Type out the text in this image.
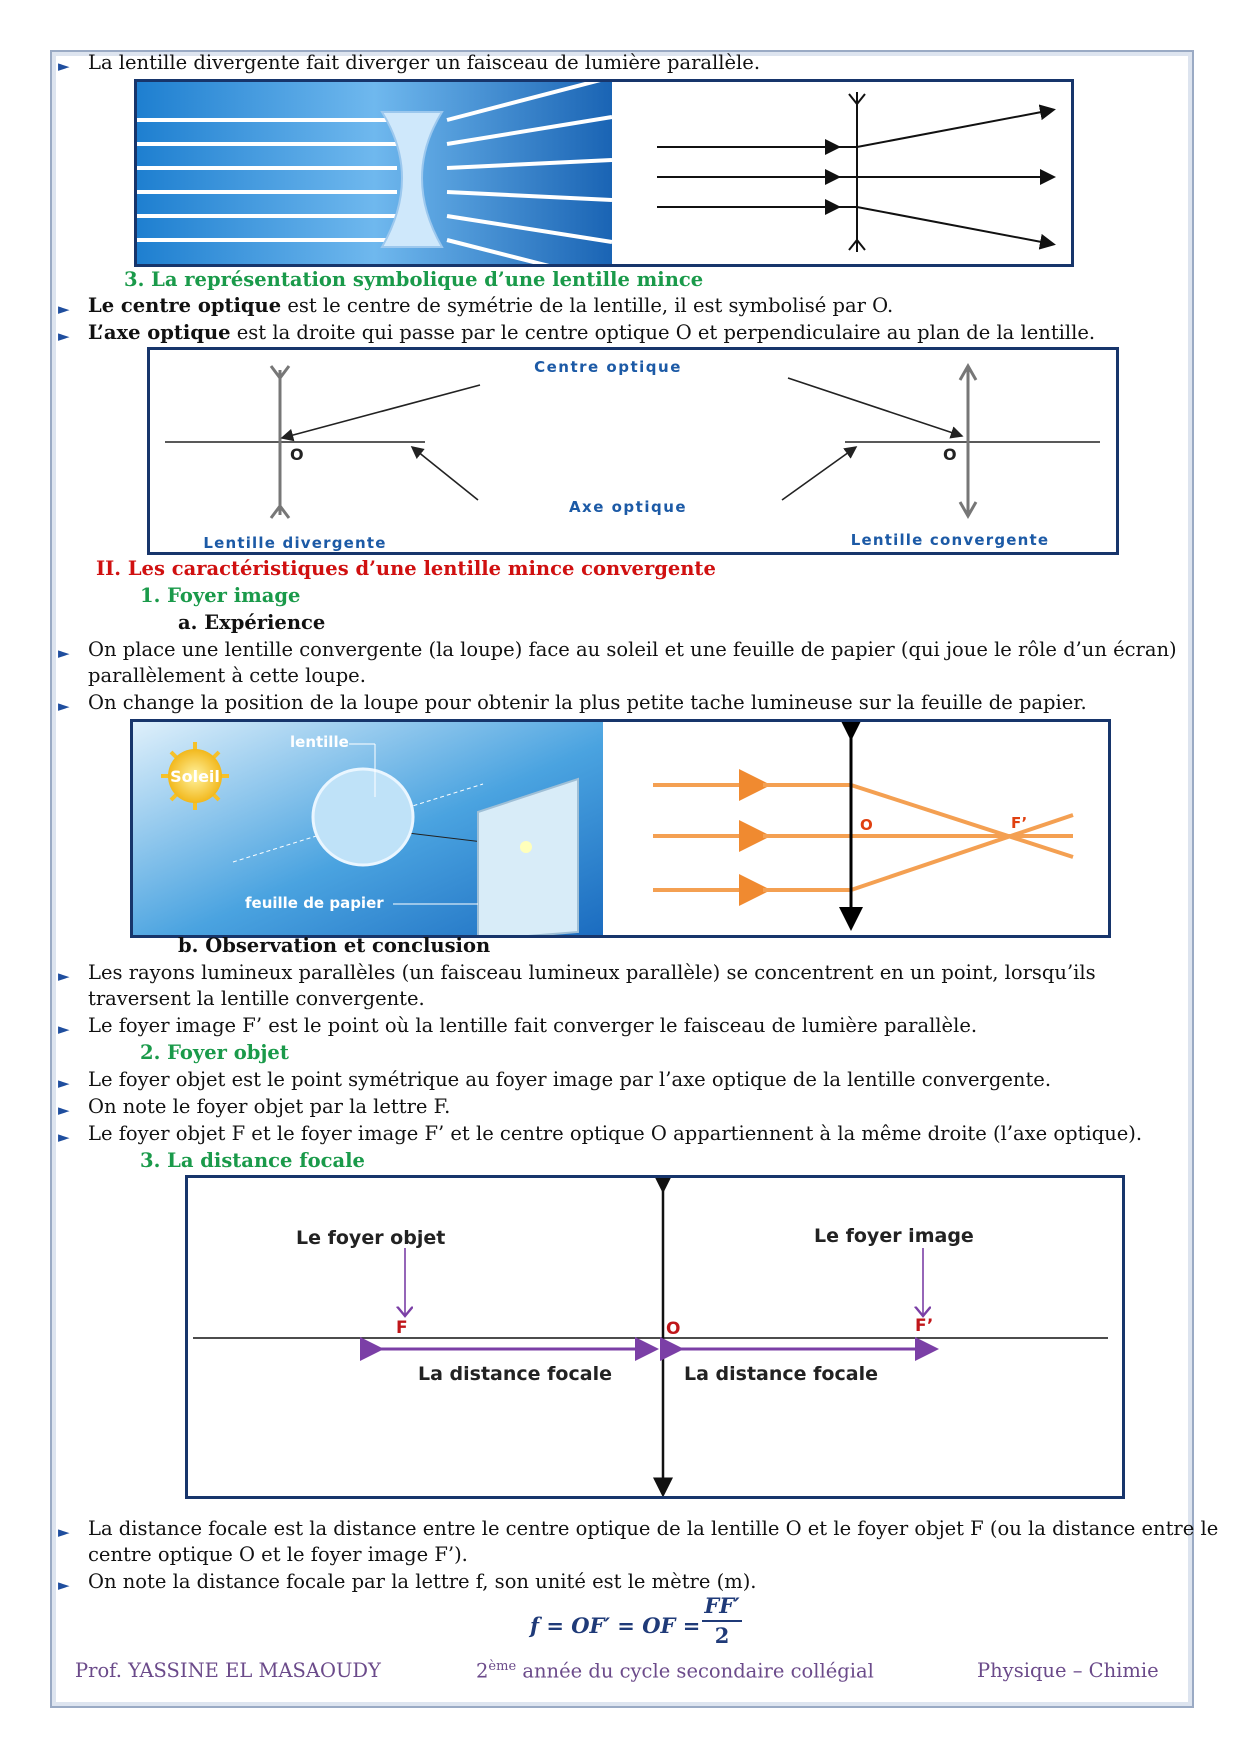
► La lentille divergente fait diverger un faisceau de lumière parallèle.
3. La représentation symbolique d’une lentille mince
► Le centre optique est le centre de symétrie de la lentille, il est symbolisé par O.
► L’axe optique est la droite qui passe par le centre optique O et perpendiculaire au plan de la lentille.
Centre optique
Axe optique
Lentille divergente	Lentille convergente
O	O
II. Les caractéristiques d’une lentille mince convergente
1. Foyer image
a. Expérience
► On place une lentille convergente (la loupe) face au soleil et une feuille de papier (qui joue le rôle d’un écran)
parallèlement à cette loupe.
► On change la position de la loupe pour obtenir la plus petite tache lumineuse sur la feuille de papier.
Soleil
lentille
feuille de papier
O	F’
b. Observation et conclusion
► Les rayons lumineux parallèles (un faisceau lumineux parallèle) se concentrent en un point, lorsqu’ils
traversent la lentille convergente.
► Le foyer image F’ est le point où la lentille fait converger le faisceau de lumière parallèle.
2. Foyer objet
► Le foyer objet est le point symétrique au foyer image par l’axe optique de la lentille convergente.
► On note le foyer objet par la lettre F.
► Le foyer objet F et le foyer image F’ et le centre optique O appartiennent à la même droite (l’axe optique).
3. La distance focale
Le foyer objet	Le foyer image
F	O	F’
La distance focale	La distance focale
► La distance focale est la distance entre le centre optique de la lentille O et le foyer objet F (ou la distance entre le
centre optique O et le foyer image F’).
► On note la distance focale par la lettre f, son unité est le mètre (m).
f = OF′ = OF =
FF′
2
Prof. YASSINE EL MASAOUDY	2ème année du cycle secondaire collégial	Physique – Chimie
